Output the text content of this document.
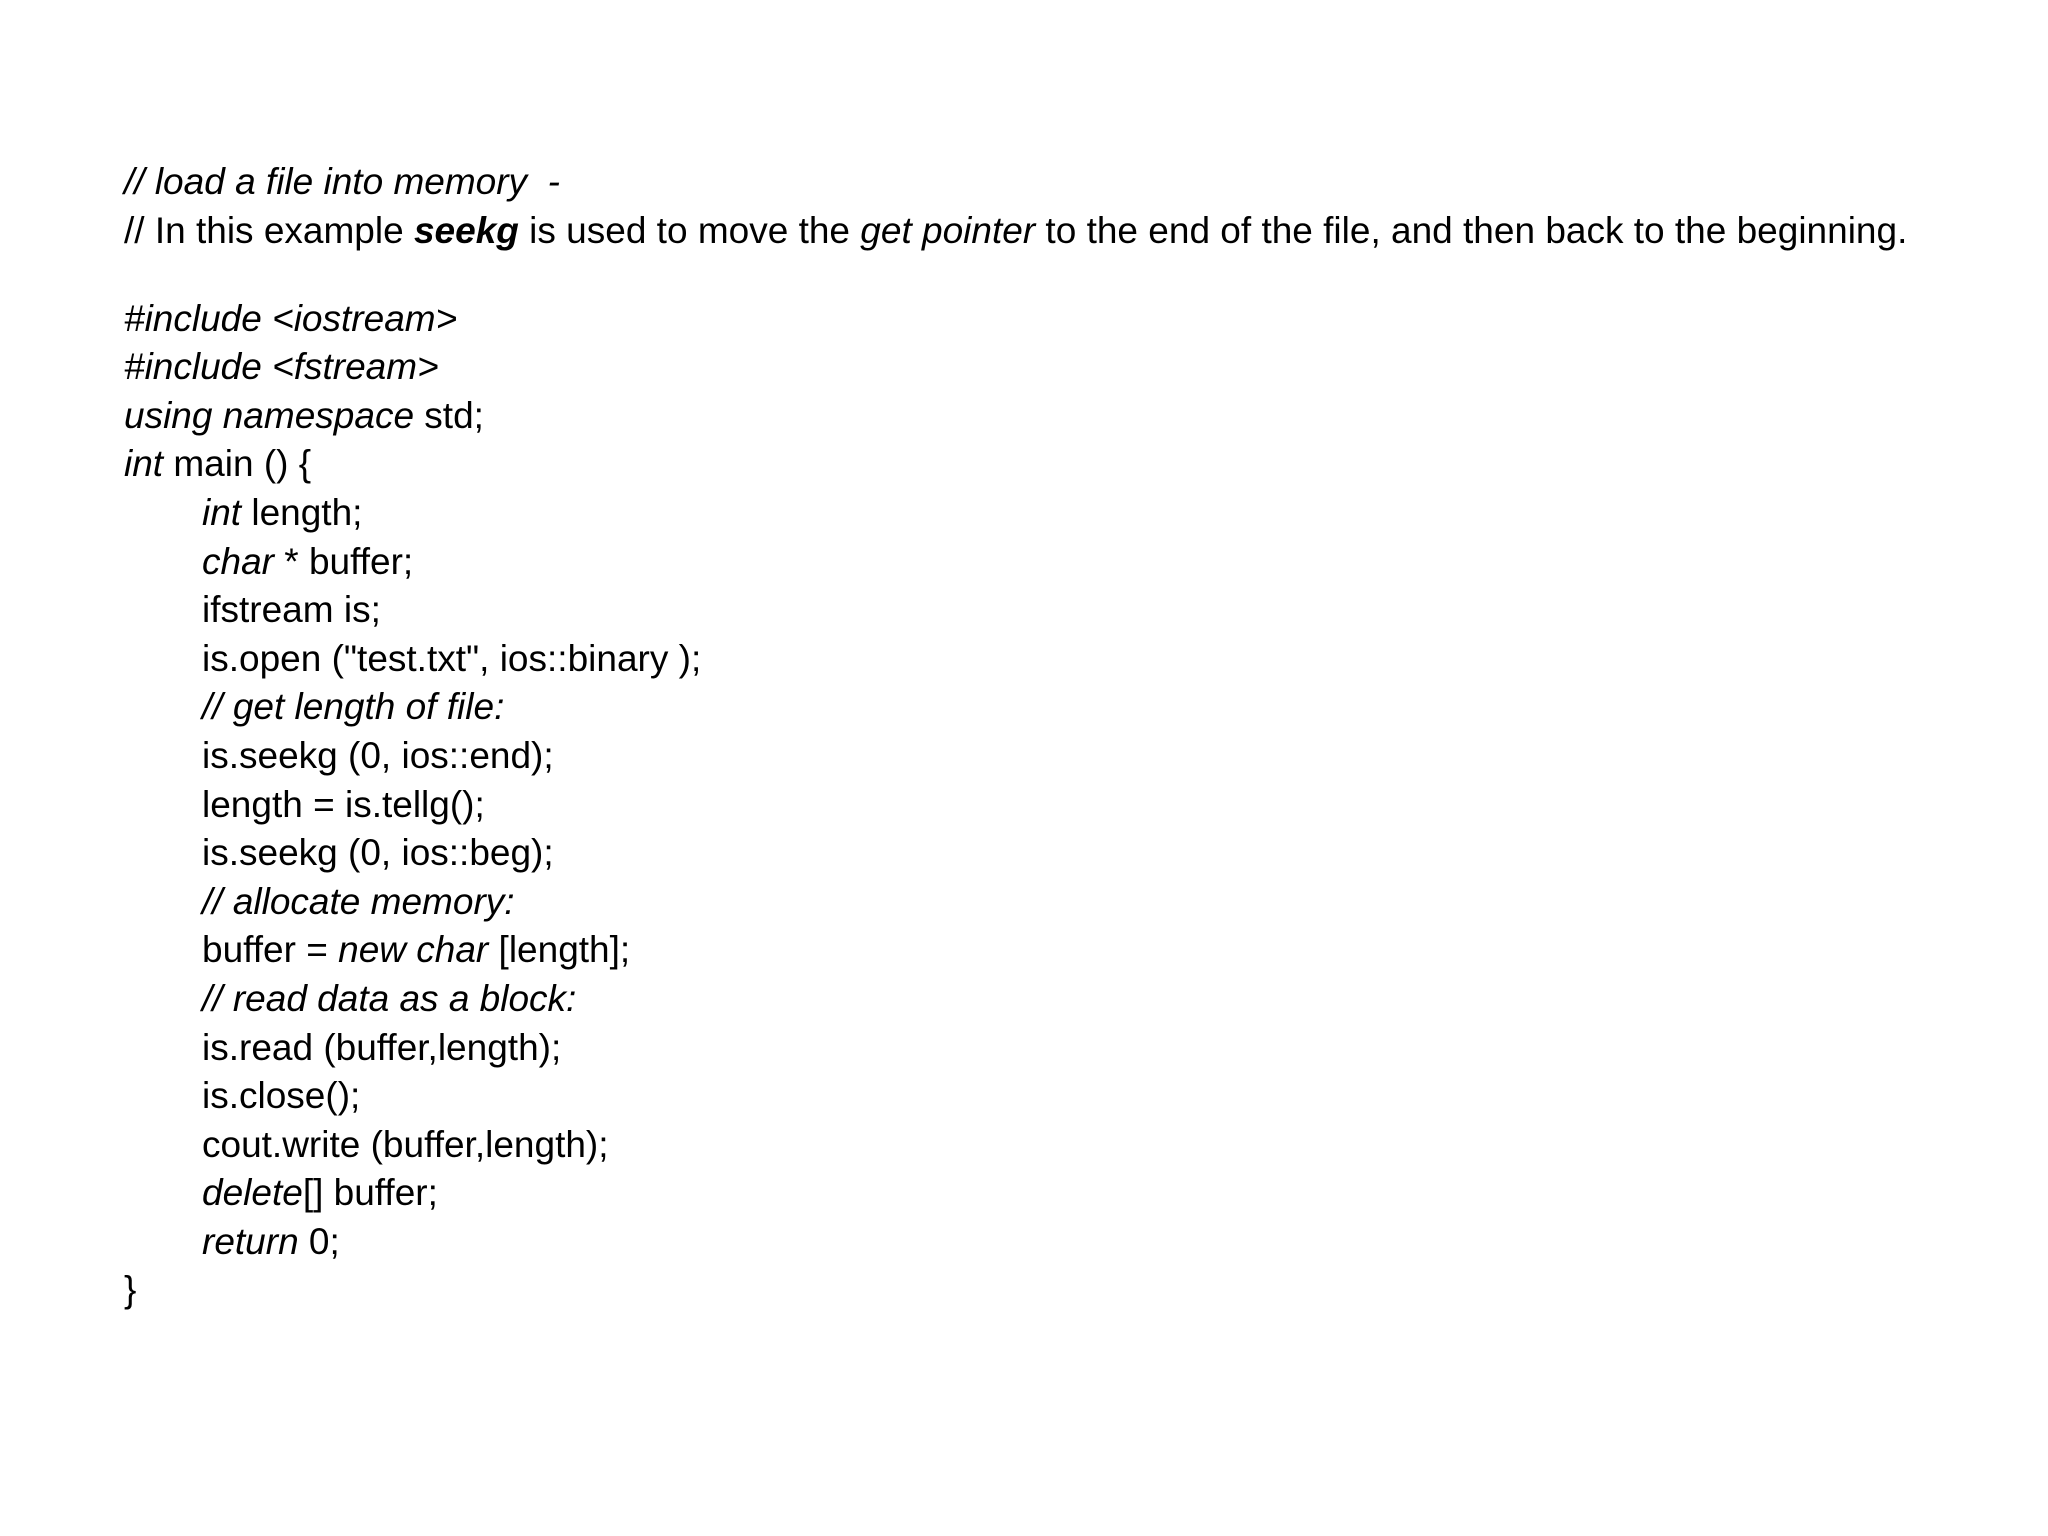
// load a file into memory  -
// In this example seekg is used to move the get pointer to the end of the file, and then back to the beginning.
#include <iostream>
#include <fstream>
using namespace std;
int main () {
int length;
char * buffer;
ifstream is;
is.open ("test.txt", ios::binary );
// get length of file:
is.seekg (0, ios::end);
length = is.tellg();
is.seekg (0, ios::beg);
// allocate memory:
buffer = new char [length];
// read data as a block:
is.read (buffer,length);
is.close();
cout.write (buffer,length);
delete[] buffer;
return 0;
}
